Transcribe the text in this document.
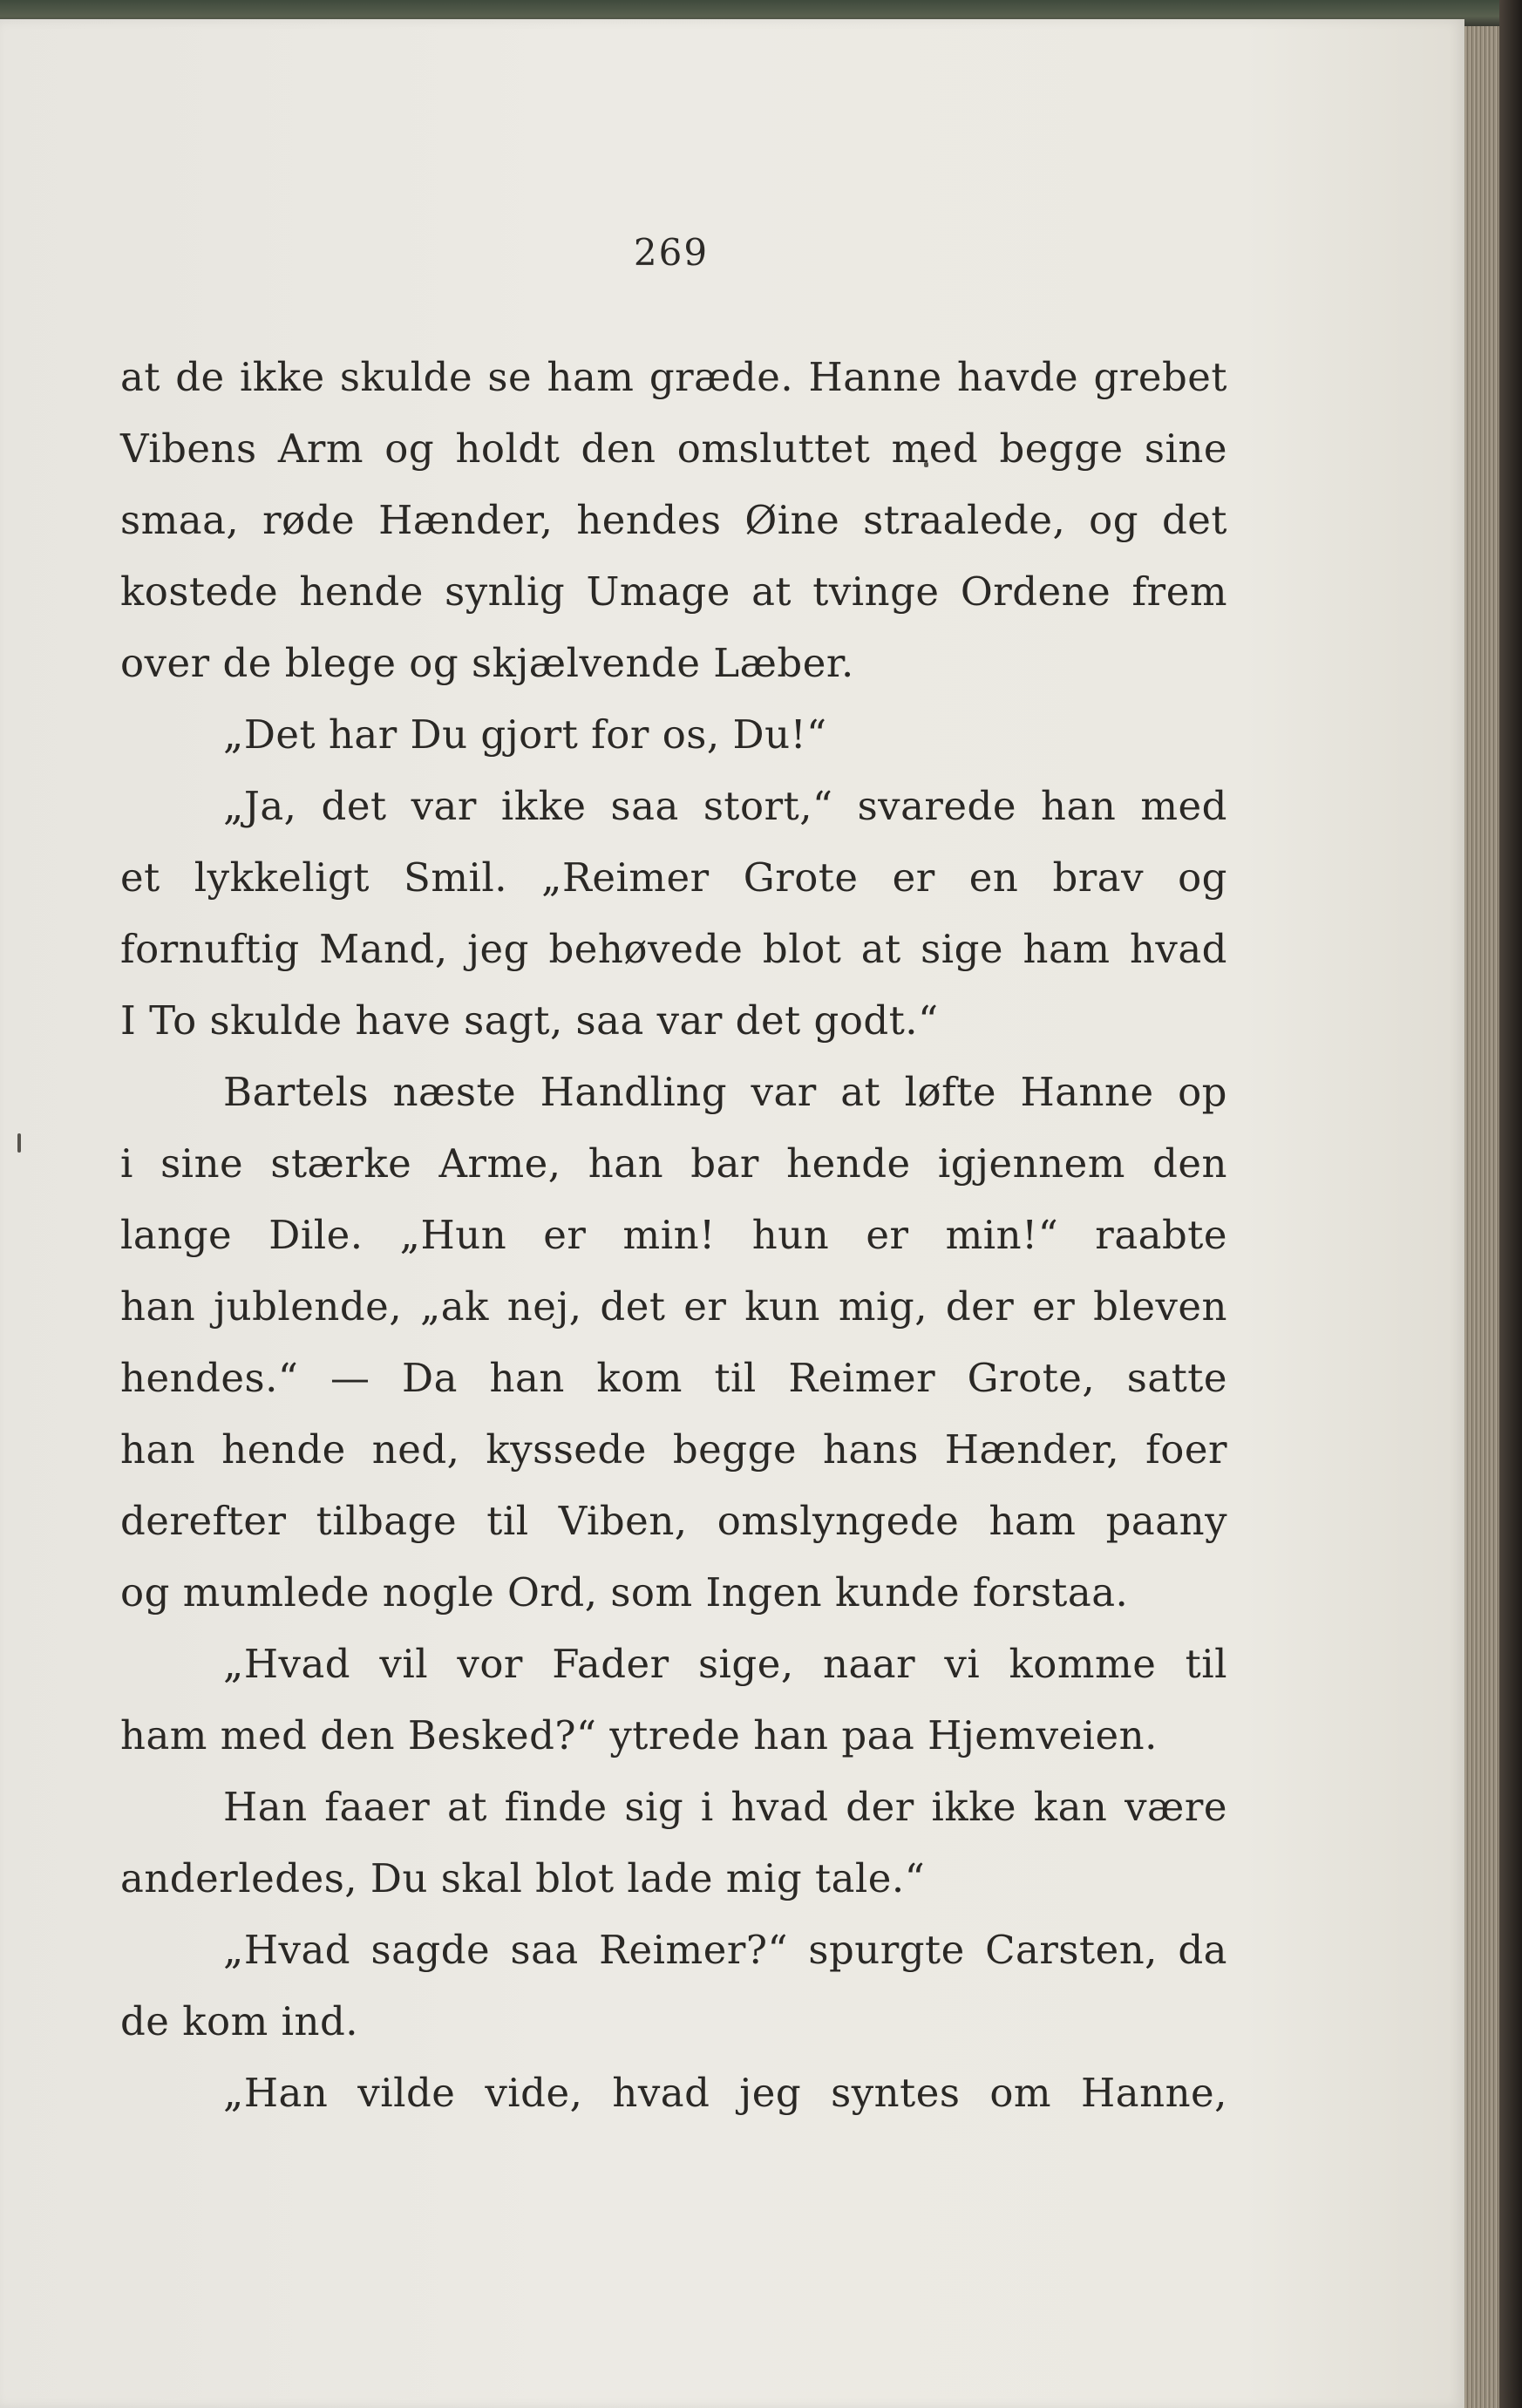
269
at de ikke skulde se ham græde. Hanne havde grebet
Vibens Arm og holdt den omsluttet med begge sine
smaa, røde Hænder, hendes Øine straalede, og det
kostede hende synlig Umage at tvinge Ordene frem
over de blege og skjælvende Læber.
„Det har Du gjort for os, Du!“
„Ja, det var ikke saa stort,“ svarede han med
et lykkeligt Smil. „Reimer Grote er en brav og
fornuftig Mand, jeg behøvede blot at sige ham hvad
I To skulde have sagt, saa var det godt.“
Bartels næste Handling var at løfte Hanne op
i sine stærke Arme, han bar hende igjennem den
lange Dile. „Hun er min! hun er min!“ raabte
han jublende, „ak nej, det er kun mig, der er bleven
hendes.“ — Da han kom til Reimer Grote, satte
han hende ned, kyssede begge hans Hænder, foer
derefter tilbage til Viben, omslyngede ham paany
og mumlede nogle Ord, som Ingen kunde forstaa.
„Hvad vil vor Fader sige, naar vi komme til
ham med den Besked?“ ytrede han paa Hjemveien.
Han faaer at finde sig i hvad der ikke kan være
anderledes, Du skal blot lade mig tale.“
„Hvad sagde saa Reimer?“ spurgte Carsten, da
de kom ind.
„Han vilde vide, hvad jeg syntes om Hanne,
